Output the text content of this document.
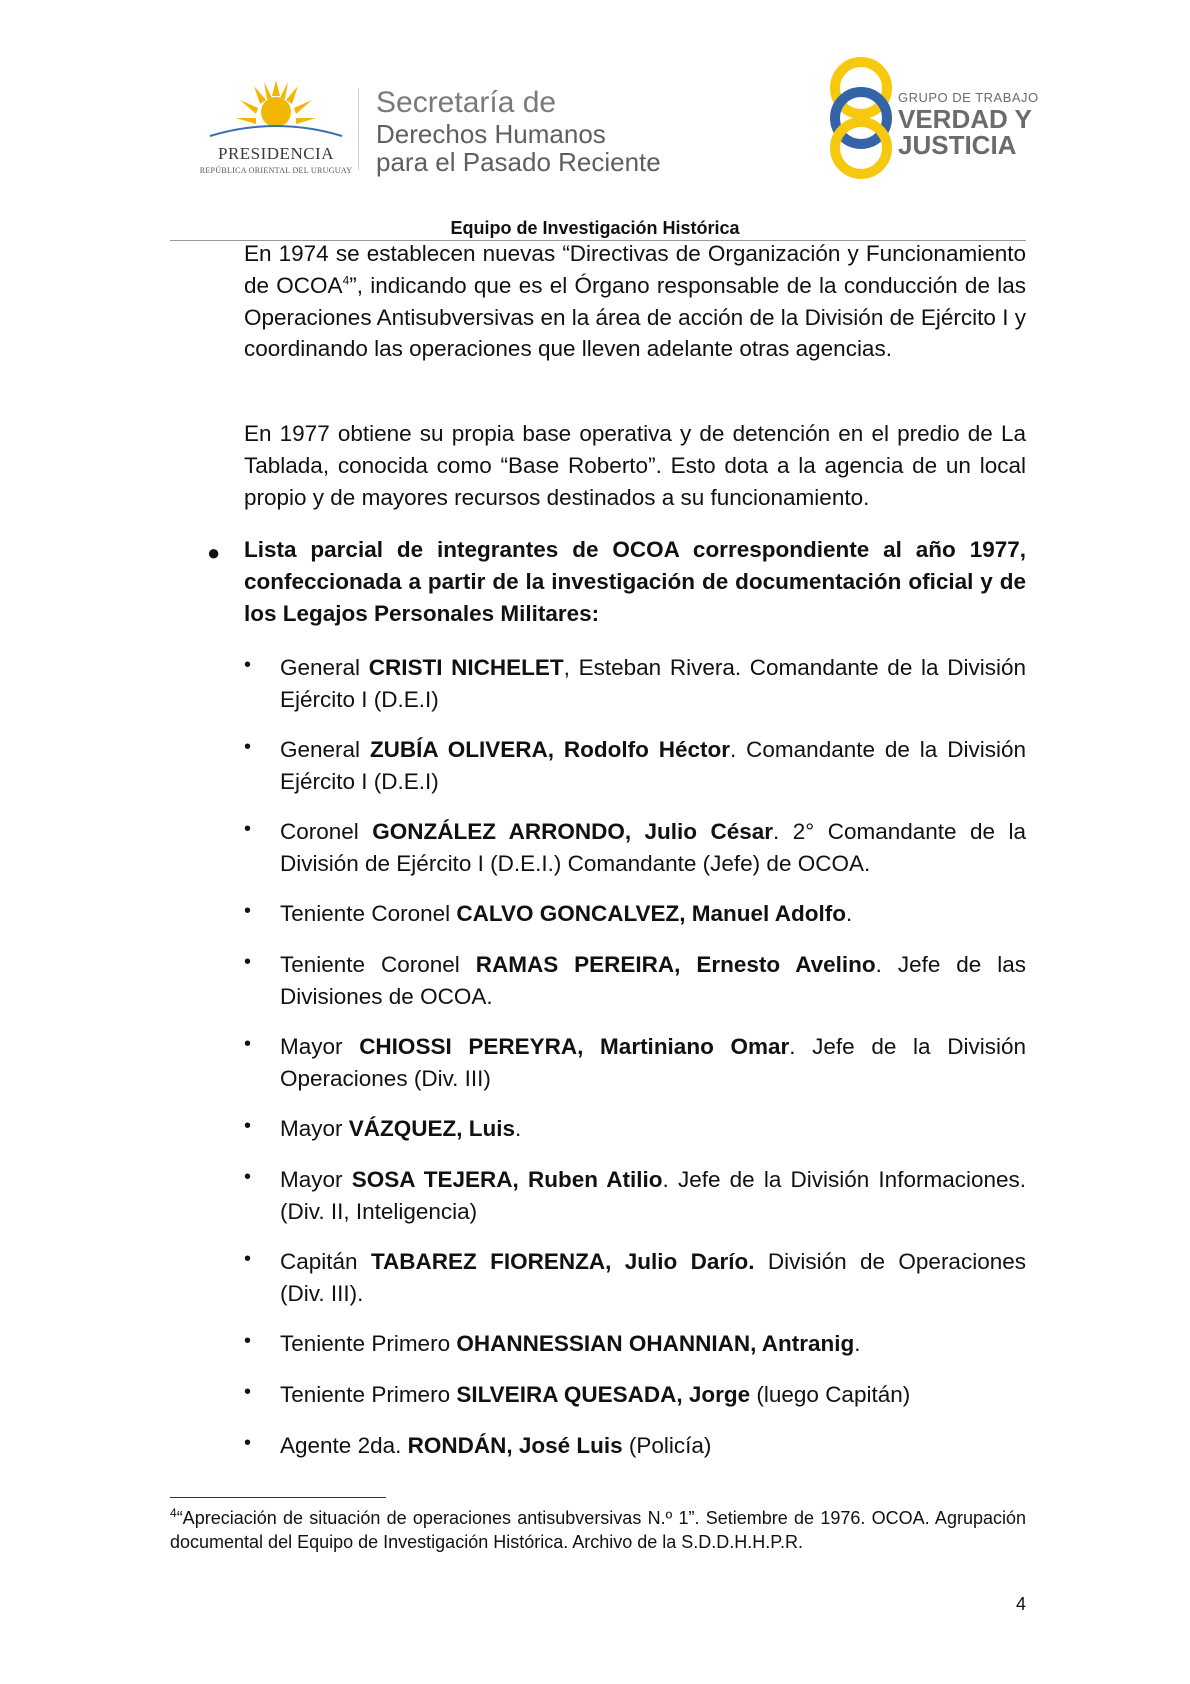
PRESIDENCIA
REPÚBLICA ORIENTAL DEL URUGUAY
Secretaría de
Derechos Humanos
para el Pasado Reciente
GRUPO DE TRABAJO
VERDAD Y
JUSTICIA
Equipo de Investigación Histórica
En 1974 se establecen nuevas “Directivas de Organización y Funcionamiento de OCOA$^4$”, indicando que es el Órgano responsable de la conducción de las Operaciones Antisubversivas en la área de acción de la División de Ejército I y coordinando las operaciones que lleven adelante otras agencias.
En 1977 obtiene su propia base operativa y de detención en el predio de La Tablada, conocida como “Base Roberto”. Esto dota a la agencia de un local propio y de mayores recursos destinados a su funcionamiento.
● Lista parcial de integrantes de OCOA correspondiente al año 1977, confeccionada a partir de la investigación de documentación oficial y de los Legajos Personales Militares:
• General CRISTI NICHELET, Esteban Rivera. Comandante de la División Ejército I (D.E.I)
• General ZUBÍA OLIVERA, Rodolfo Héctor. Comandante de la División Ejército I (D.E.I)
• Coronel GONZÁLEZ ARRONDO, Julio César. 2° Comandante de la División de Ejército I (D.E.I.) Comandante (Jefe) de OCOA.
• Teniente Coronel CALVO GONCALVEZ, Manuel Adolfo.
• Teniente Coronel RAMAS PEREIRA, Ernesto Avelino. Jefe de las Divisiones de OCOA.
• Mayor CHIOSSI PEREYRA, Martiniano Omar. Jefe de la División Operaciones (Div. III)
• Mayor VÁZQUEZ, Luis.
• Mayor SOSA TEJERA, Ruben Atilio. Jefe de la División Informaciones. (Div. II, Inteligencia)
• Capitán TABAREZ FIORENZA, Julio Darío. División de Operaciones (Div. III).
• Teniente Primero OHANNESSIAN OHANNIAN, Antranig.
• Teniente Primero SILVEIRA QUESADA, Jorge (luego Capitán)
• Agente 2da. RONDÁN, José Luis (Policía)
$^4$“Apreciación de situación de operaciones antisubversivas N.º 1”. Setiembre de 1976. OCOA. Agrupación documental del Equipo de Investigación Histórica. Archivo de la S.D.D.H.H.P.R.
4
